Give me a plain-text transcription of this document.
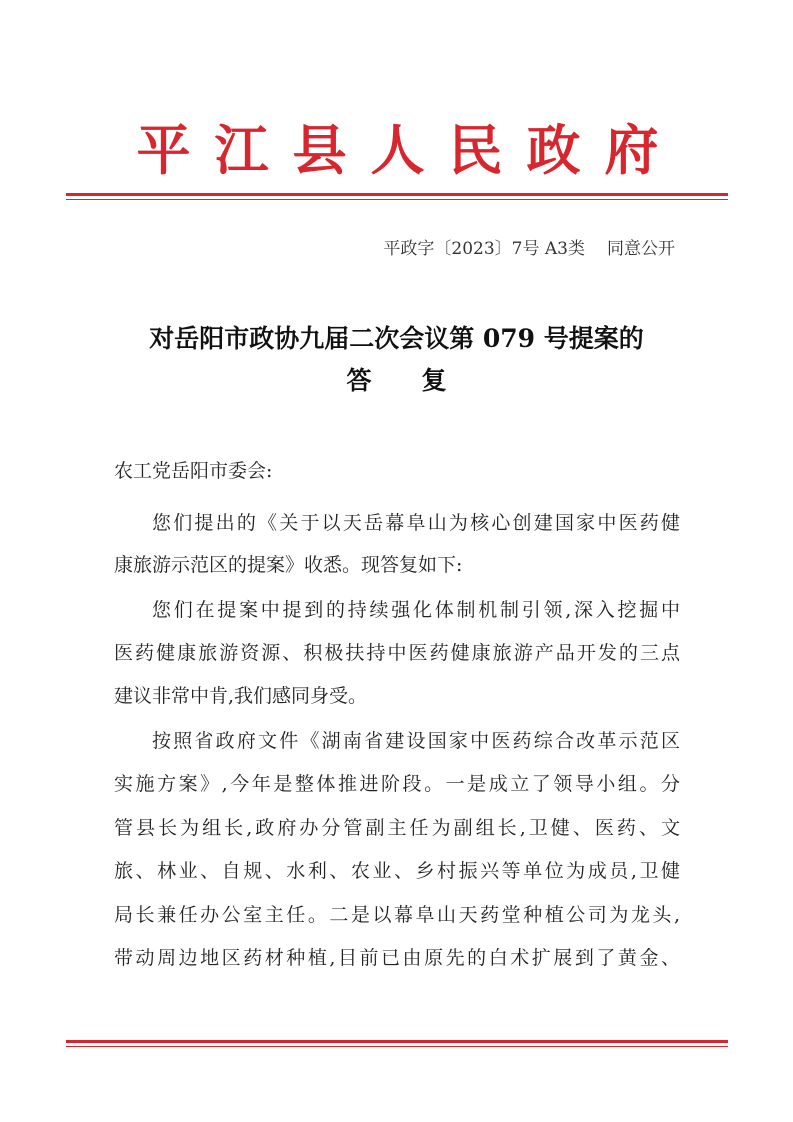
平江县人民政府
平政字〔2023〕7号 A3类 同意公开
对岳阳市政协九届二次会议第 079 号提案的
答复
农工党岳阳市委会:
您们提出的《关于以天岳幕阜山为核心创建国家中医药健
康旅游示范区的提案》收悉。现答复如下:
您们在提案中提到的持续强化体制机制引领,深入挖掘中
医药健康旅游资源、积极扶持中医药健康旅游产品开发的三点
建议非常中肯,我们感同身受。
按照省政府文件《湖南省建设国家中医药综合改革示范区
实施方案》,今年是整体推进阶段。一是成立了领导小组。分
管县长为组长,政府办分管副主任为副组长,卫健、医药、文
旅、林业、自规、水利、农业、乡村振兴等单位为成员,卫健
局长兼任办公室主任。二是以幕阜山天药堂种植公司为龙头,
带动周边地区药材种植,目前已由原先的白术扩展到了黄金、
